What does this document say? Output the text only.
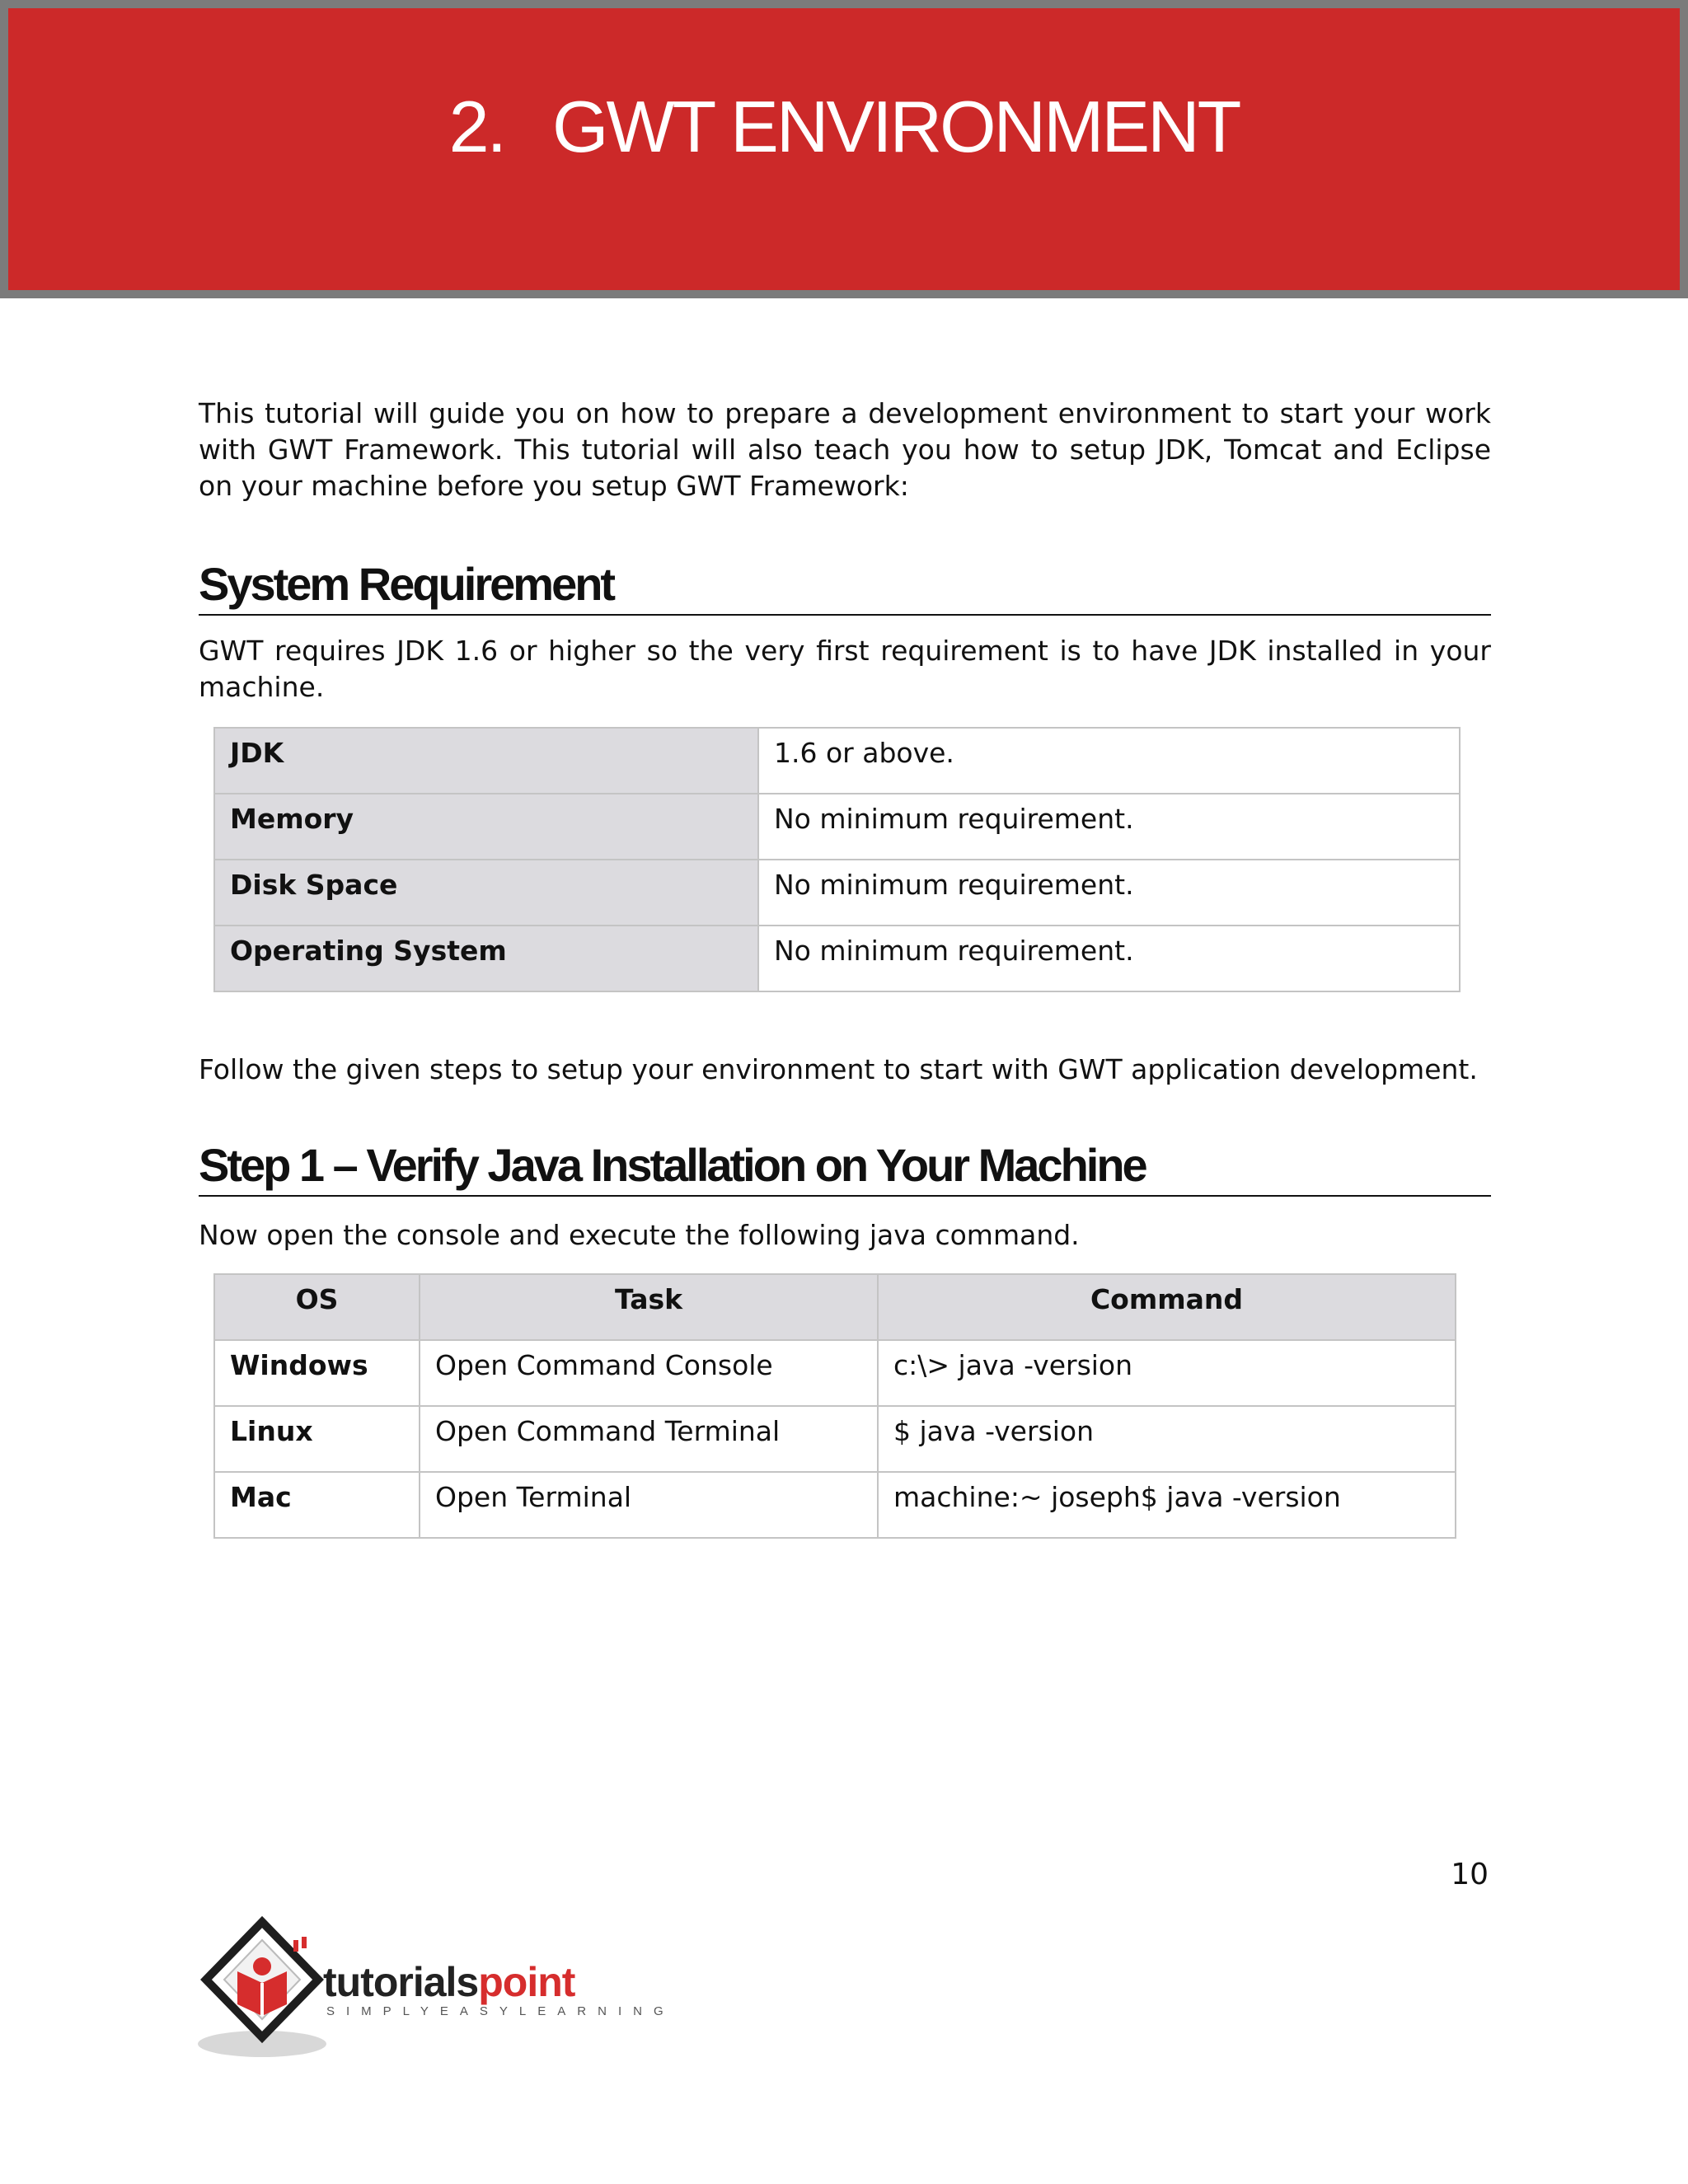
2. GWT ENVIRONMENT

This tutorial will guide you on how to prepare a development environment to start your work with GWT Framework. This tutorial will also teach you how to setup JDK, Tomcat and Eclipse on your machine before you setup GWT Framework:

System Requirement

GWT requires JDK 1.6 or higher so the very first requirement is to have JDK installed in your machine.

Follow the given steps to setup your environment to start with GWT application development.

Step 1 – Verify Java Installation on Your Machine

Now open the console and execute the following java command.

JDK	1.6 or above.
Memory	No minimum requirement.
Disk Space	No minimum requirement.
Operating System	No minimum requirement.
OS	Task	Command
Windows	Open Command Console	c:\> java -version
Linux	Open Command Terminal	$ java -version
Mac	Open Terminal	machine:~ joseph$ java -version
10
tutorialspoint
SIMPLYEASYLEARNING
